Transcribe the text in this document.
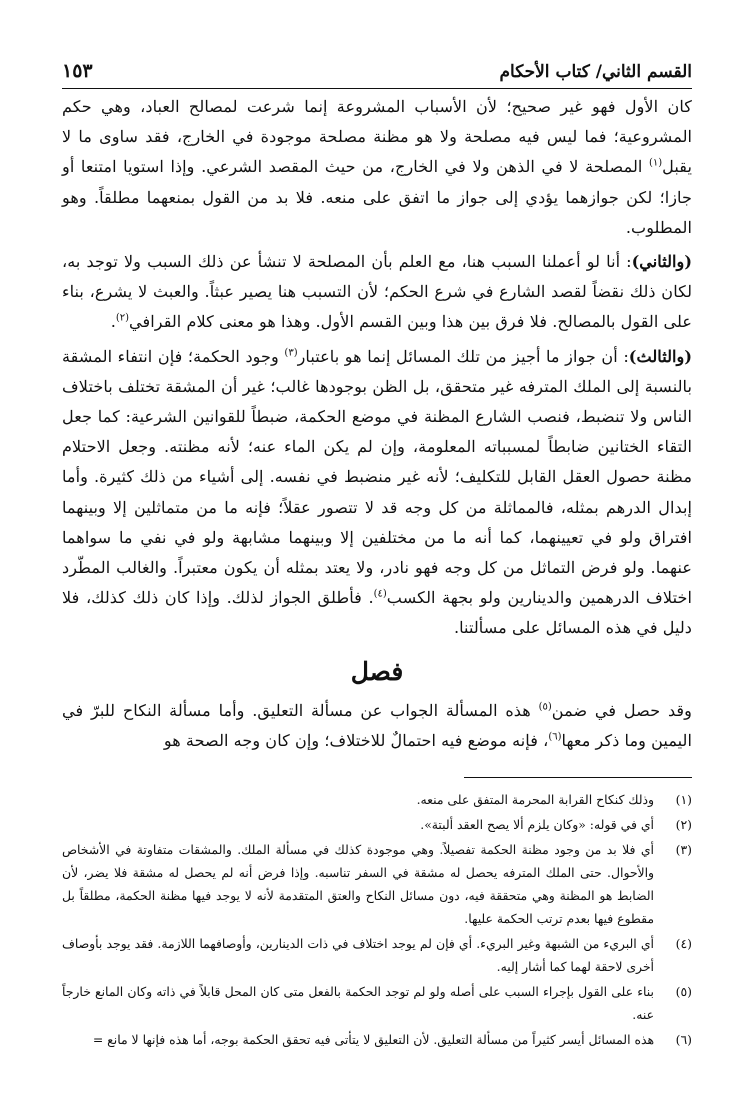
القسم الثاني/ كتاب الأحكام
١٥٣

كان الأول فهو غير صحيح؛ لأن الأسباب المشروعة إنما شرعت لمصالح العباد، وهي حكم المشروعية؛ فما ليس فيه مصلحة ولا هو مظنة مصلحة موجودة في الخارج، فقد ساوى ما لا يقبل$^{(١)}$ المصلحة لا في الذهن ولا في الخارج، من حيث المقصد الشرعي. وإذا استويا امتنعا أو جازا؛ لكن جوازهما يؤدي إلى جواز ما اتفق على منعه. فلا بد من القول بمنعهما مطلقاً. وهو المطلوب.

(والثاني): أنا لو أعملنا السبب هنا، مع العلم بأن المصلحة لا تنشأ عن ذلك السبب ولا توجد به، لكان ذلك نقضاً لقصد الشارع في شرع الحكم؛ لأن التسبب هنا يصير عبثاً. والعبث لا يشرع، بناء على القول بالمصالح. فلا فرق بين هذا وبين القسم الأول. وهذا هو معنى كلام القرافي$^{(٢)}$.

(والثالث): أن جواز ما أجيز من تلك المسائل إنما هو باعتبار$^{(٣)}$ وجود الحكمة؛ فإن انتفاء المشقة بالنسبة إلى الملك المترفه غير متحقق، بل الظن بوجودها غالب؛ غير أن المشقة تختلف باختلاف الناس ولا تنضبط، فنصب الشارع المظنة في موضع الحكمة، ضبطاً للقوانين الشرعية: كما جعل التقاء الختانين ضابطاً لمسبباته المعلومة، وإن لم يكن الماء عنه؛ لأنه مظنته. وجعل الاحتلام مظنة حصول العقل القابل للتكليف؛ لأنه غير منضبط في نفسه. إلى أشياء من ذلك كثيرة. وأما إبدال الدرهم بمثله، فالمماثلة من كل وجه قد لا تتصور عقلاً؛ فإنه ما من متماثلين إلا وبينهما افتراق ولو في تعيينهما، كما أنه ما من مختلفين إلا وبينهما مشابهة ولو في نفي ما سواهما عنهما. ولو فرض التماثل من كل وجه فهو نادر، ولا يعتد بمثله أن يكون معتبراً. والغالب المطّرد اختلاف الدرهمين والدينارين ولو بجهة الكسب$^{(٤)}$. فأطلق الجواز لذلك. وإذا كان ذلك كذلك، فلا دليل في هذه المسائل على مسألتنا.

فصل

وقد حصل في ضمن$^{(٥)}$ هذه المسألة الجواب عن مسألة التعليق. وأما مسألة النكاح للبرّ في اليمين وما ذكر معها$^{(٦)}$، فإنه موضع فيه احتمالٌ للاختلاف؛ وإن كان وجه الصحة هو

(١)
وذلك كنكاح القرابة المحرمة المتفق على منعه.
(٢)
أي في قوله: «وكان يلزم ألا يصح العقد ألبتة».
(٣)
أي فلا بد من وجود مظنة الحكمة تفصيلاً. وهي موجودة كذلك في مسألة الملك. والمشقات متفاوتة في الأشخاص والأحوال. حتى الملك المترفه يحصل له مشقة في السفر تناسبه. وإذا فرض أنه لم يحصل له مشقة فلا يضر، لأن الضابط هو المظنة وهي متحققة فيه، دون مسائل النكاح والعتق المتقدمة لأنه لا يوجد فيها مظنة الحكمة، مطلقاً بل مقطوع فيها بعدم ترتب الحكمة عليها.
(٤)
أي البريء من الشبهة وغير البريء. أي فإن لم يوجد اختلاف في ذات الدينارين، وأوصافهما اللازمة. فقد يوجد بأوصاف أخرى لاحقة لهما كما أشار إليه.
(٥)
بناء على القول بإجراء السبب على أصله ولو لم توجد الحكمة بالفعل متى كان المحل قابلاً في ذاته وكان المانع خارجاً عنه.
(٦)
هذه المسائل أيسر كثيراً من مسألة التعليق. لأن التعليق لا يتأتى فيه تحقق الحكمة بوجه، أما هذه فإنها لا مانع =
